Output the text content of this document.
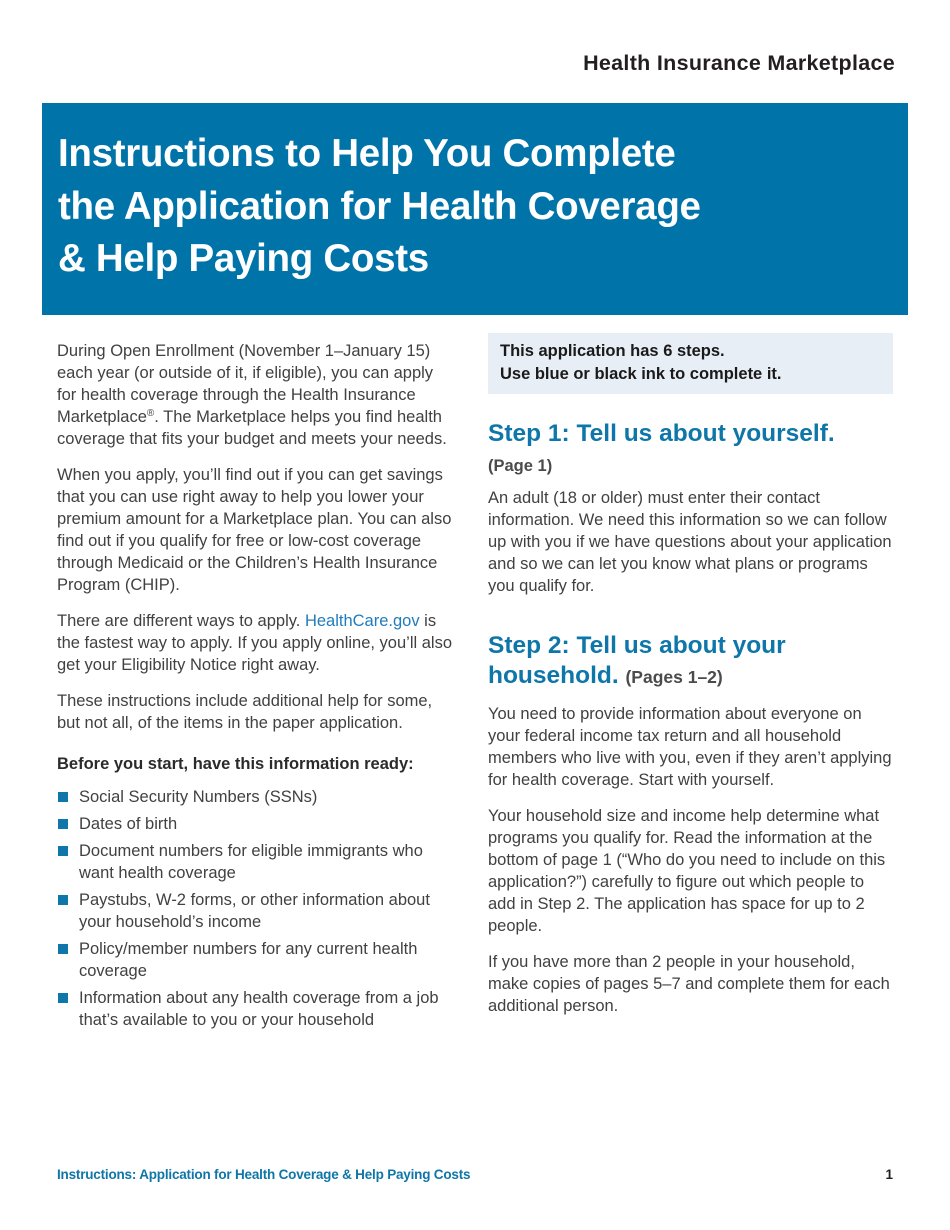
Health Insurance Marketplace
Instructions to Help You Complete
the Application for Health Coverage
& Help Paying Costs

During Open Enrollment (November 1–January 15) each year (or outside of it, if eligible), you can apply for health coverage through the Health Insurance Marketplace®. The Marketplace helps you find health coverage that fits your budget and meets your needs.

When you apply, you’ll find out if you can get savings that you can use right away to help you lower your premium amount for a Marketplace plan. You can also find out if you qualify for free or low-cost coverage through Medicaid or the Children’s Health Insurance Program (CHIP).

There are different ways to apply. HealthCare.gov is the fastest way to apply. If you apply online, you’ll also get your Eligibility Notice right away.

These instructions include additional help for some, but not all, of the items in the paper application.

Before you start, have this information ready:
Social Security Numbers (SSNs)
Dates of birth
Document numbers for eligible immigrants who want health coverage
Paystubs, W-2 forms, or other information about your household’s income
Policy/member numbers for any current health coverage
Information about any health coverage from a job that’s available to you or your household
This application has 6 steps.
Use blue or black ink to complete it.
Step 1: Tell us about yourself.
(Page 1)

An adult (18 or older) must enter their contact information. We need this information so we can follow up with you if we have questions about your application and so we can let you know what plans or programs you qualify for.

Step 2: Tell us about your household. (Pages 1–2)

You need to provide information about everyone on your federal income tax return and all household members who live with you, even if they aren’t applying for health coverage. Start with yourself.

Your household size and income help determine what programs you qualify for. Read the information at the bottom of page 1 (“Who do you need to include on this application?”) carefully to figure out which people to add in Step 2. The application has space for up to 2 people.

If you have more than 2 people in your household, make copies of pages 5–7 and complete them for each additional person.

Instructions: Application for Health Coverage & Help Paying Costs	1
